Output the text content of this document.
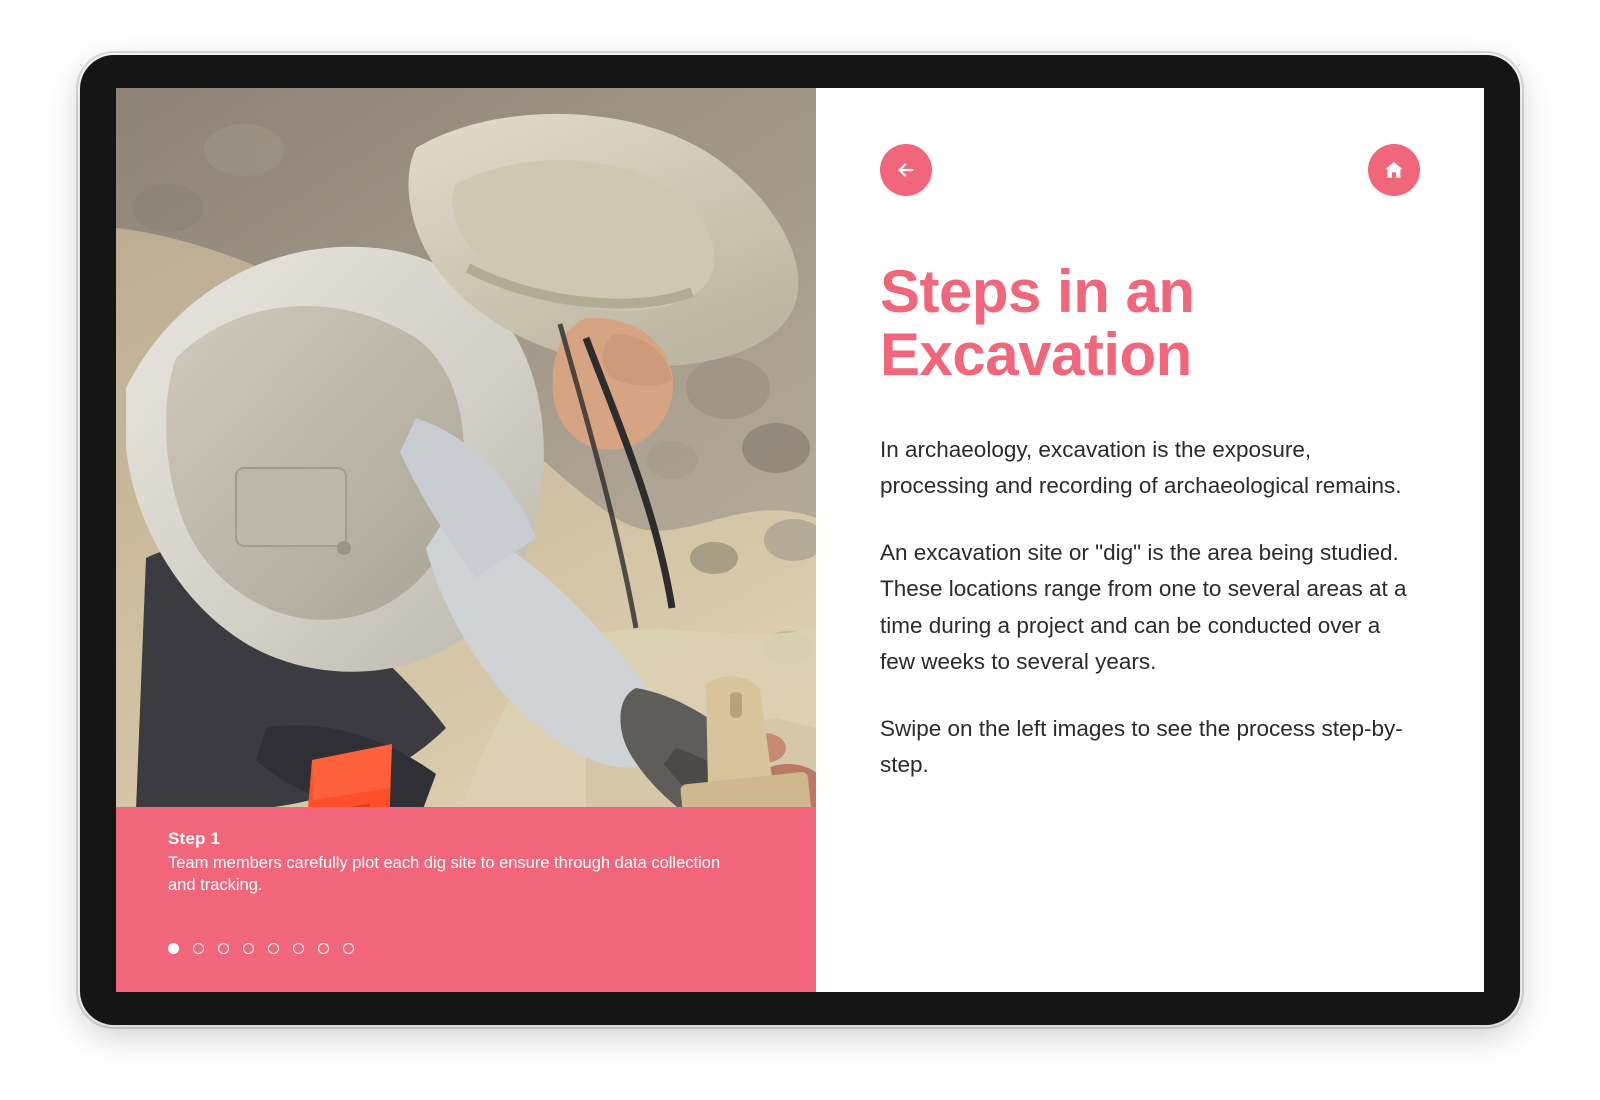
Step 1

Team members carefully plot each dig site to ensure through data collection and tracking.

Steps in an Excavation

In archaeology, excavation is the exposure, processing and recording of archaeological remains.

An excavation site or "dig" is the area being studied. These locations range from one to several areas at a time during a project and can be conducted over a few weeks to several years.

Swipe on the left images to see the process step-by-step.
